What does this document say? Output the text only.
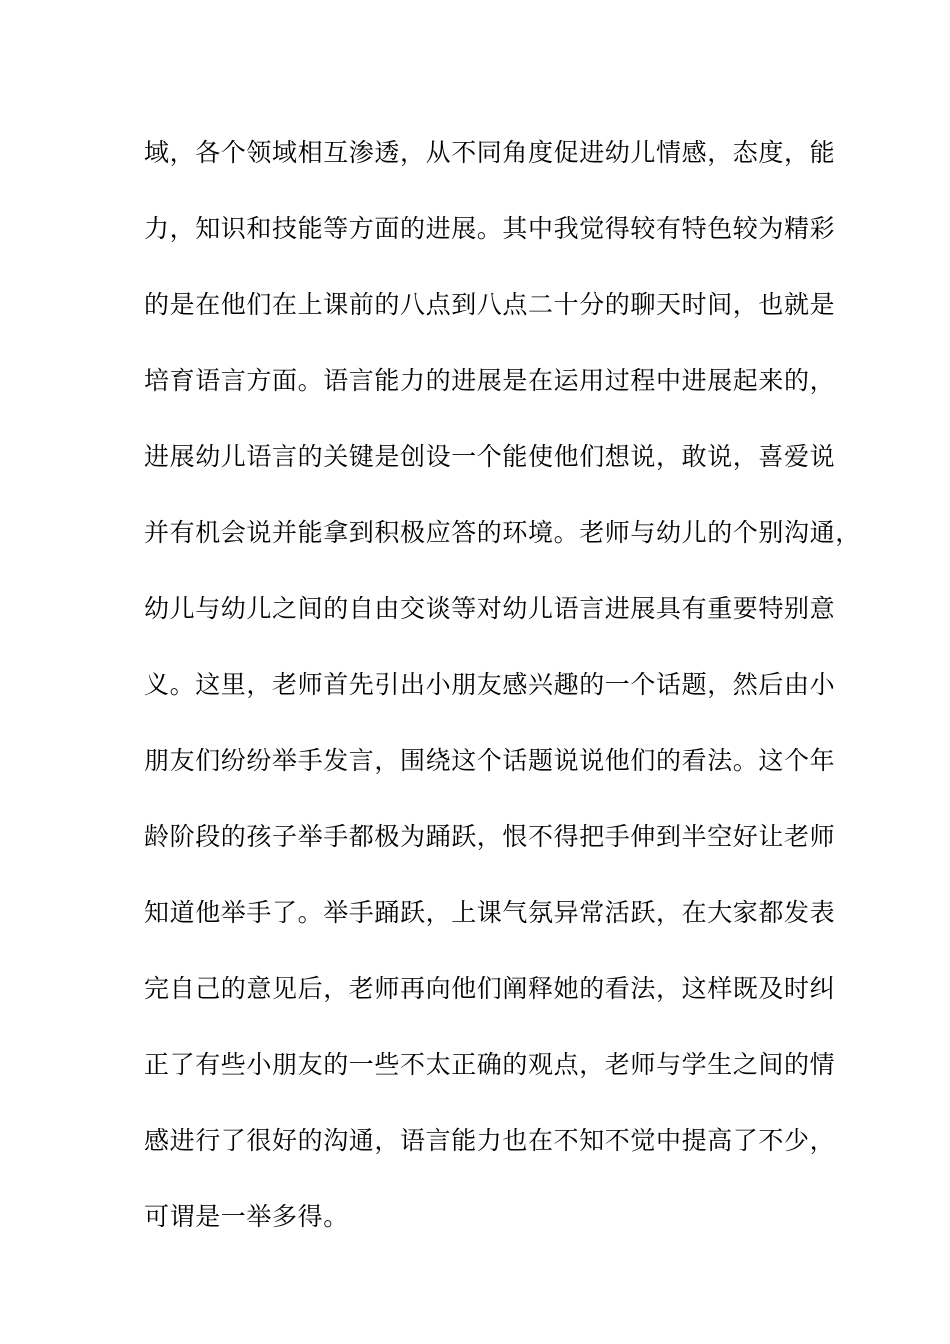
域，各个领域相互渗透，从不同角度促进幼儿情感，态度，能
力，知识和技能等方面的进展。其中我觉得较有特色较为精彩
的是在他们在上课前的八点到八点二十分的聊天时间，也就是
培育语言方面。语言能力的进展是在运用过程中进展起来的，
进展幼儿语言的关键是创设一个能使他们想说，敢说，喜爱说
并有机会说并能拿到积极应答的环境。老师与幼儿的个别沟通，
幼儿与幼儿之间的自由交谈等对幼儿语言进展具有重要特别意
义。这里，老师首先引出小朋友感兴趣的一个话题，然后由小
朋友们纷纷举手发言，围绕这个话题说说他们的看法。这个年
龄阶段的孩子举手都极为踊跃，恨不得把手伸到半空好让老师
知道他举手了。举手踊跃，上课气氛异常活跃，在大家都发表
完自己的意见后，老师再向他们阐释她的看法，这样既及时纠
正了有些小朋友的一些不太正确的观点，老师与学生之间的情
感进行了很好的沟通，语言能力也在不知不觉中提高了不少，
可谓是一举多得。
